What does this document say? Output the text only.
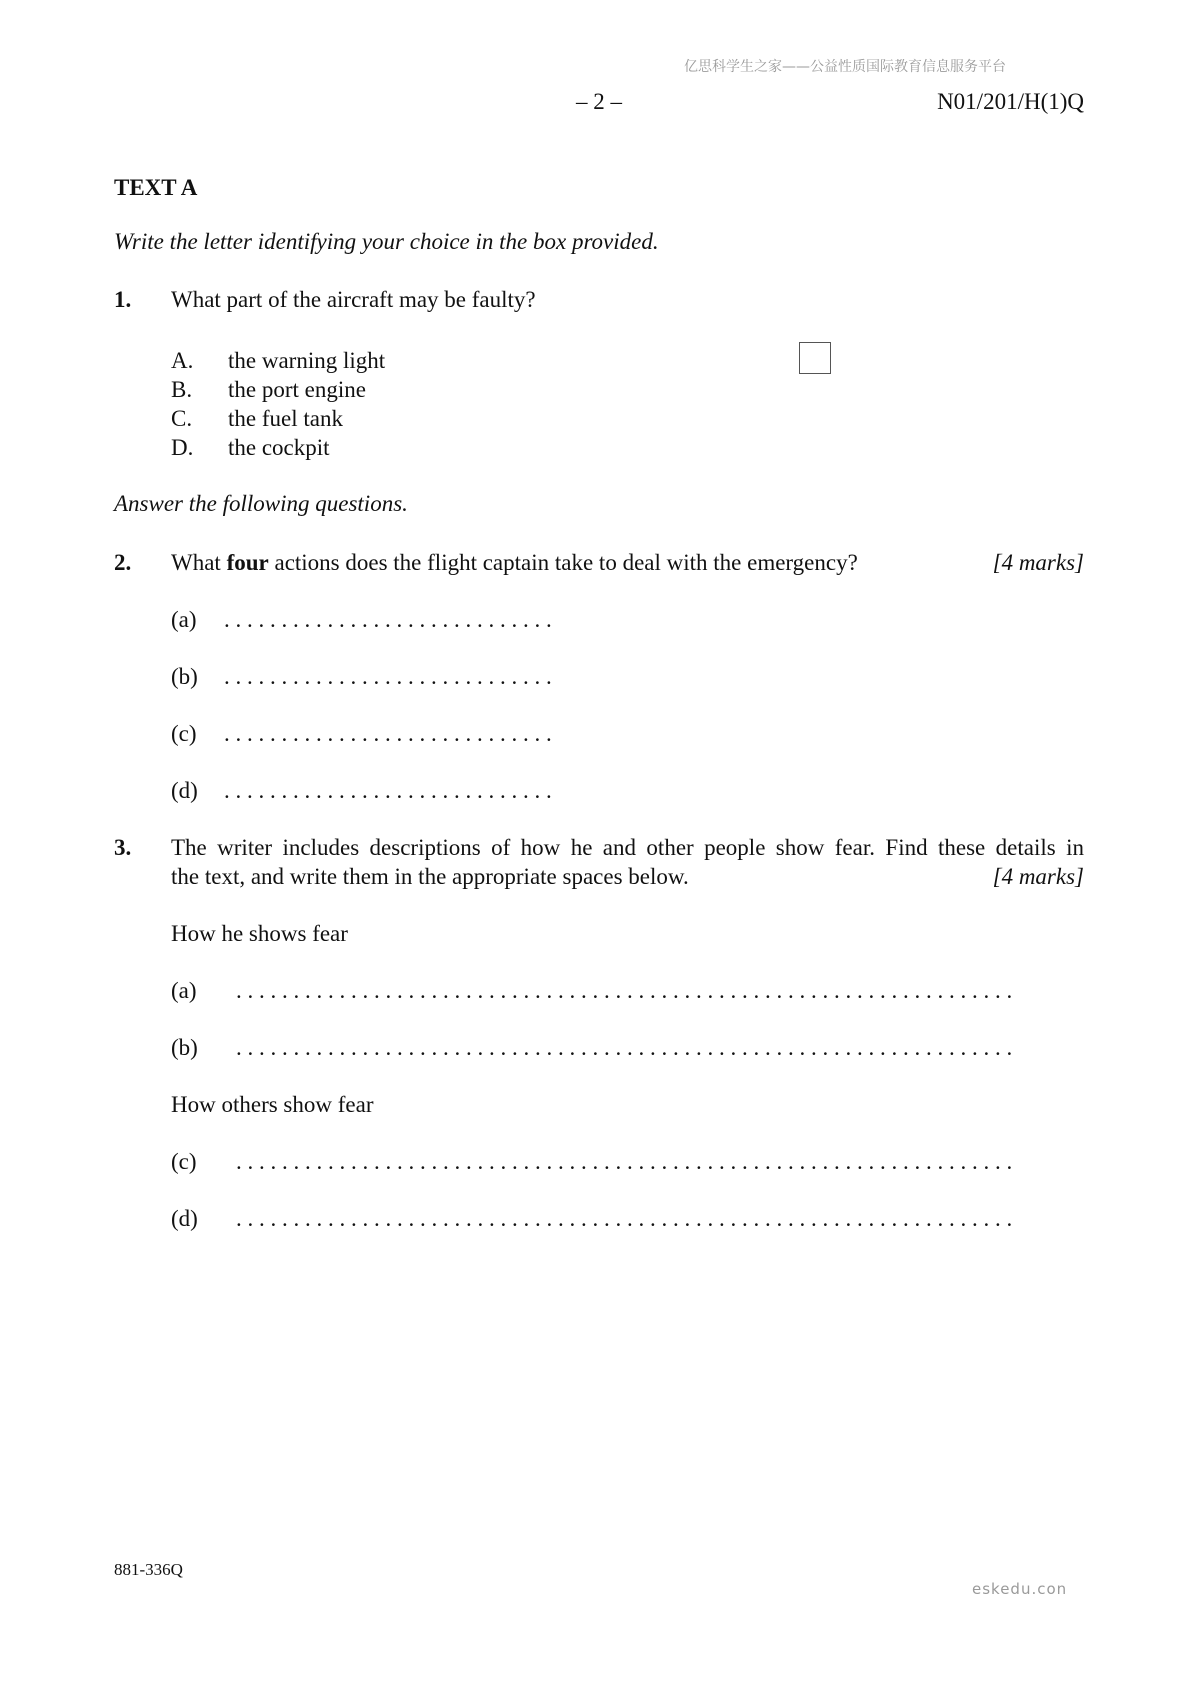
亿思科学生之家——公益性质国际教育信息服务平台
– 2 –	N01/201/H(1)Q
TEXT A
Write the letter identifying your choice in the box provided.
1. What part of the aircraft may be faulty?
A. the warning light
B. the port engine
C. the fuel tank
D. the cockpit
Answer the following questions.
2. What four actions does the flight captain take to deal with the emergency?	[4 marks]
(a) . . . . . . . . . . . . . . . . . . . . . . . . . . . . .
(b) . . . . . . . . . . . . . . . . . . . . . . . . . . . . .
(c) . . . . . . . . . . . . . . . . . . . . . . . . . . . . .
(d) . . . . . . . . . . . . . . . . . . . . . . . . . . . . .
3. The writer includes descriptions of how he and other people show fear. Find these details in
the text, and write them in the appropriate spaces below.	[4 marks]
How he shows fear
(a) . . . . . . . . . . . . . . . . . . . . . . . . . . . . . . . . . . . . . . . . . . . . . . . . . . . . . . . . . . . . . . . . . . . .
(b) . . . . . . . . . . . . . . . . . . . . . . . . . . . . . . . . . . . . . . . . . . . . . . . . . . . . . . . . . . . . . . . . . . . .
How others show fear
(c) . . . . . . . . . . . . . . . . . . . . . . . . . . . . . . . . . . . . . . . . . . . . . . . . . . . . . . . . . . . . . . . . . . . .
(d) . . . . . . . . . . . . . . . . . . . . . . . . . . . . . . . . . . . . . . . . . . . . . . . . . . . . . . . . . . . . . . . . . . . .
881-336Q
eskedu.con
